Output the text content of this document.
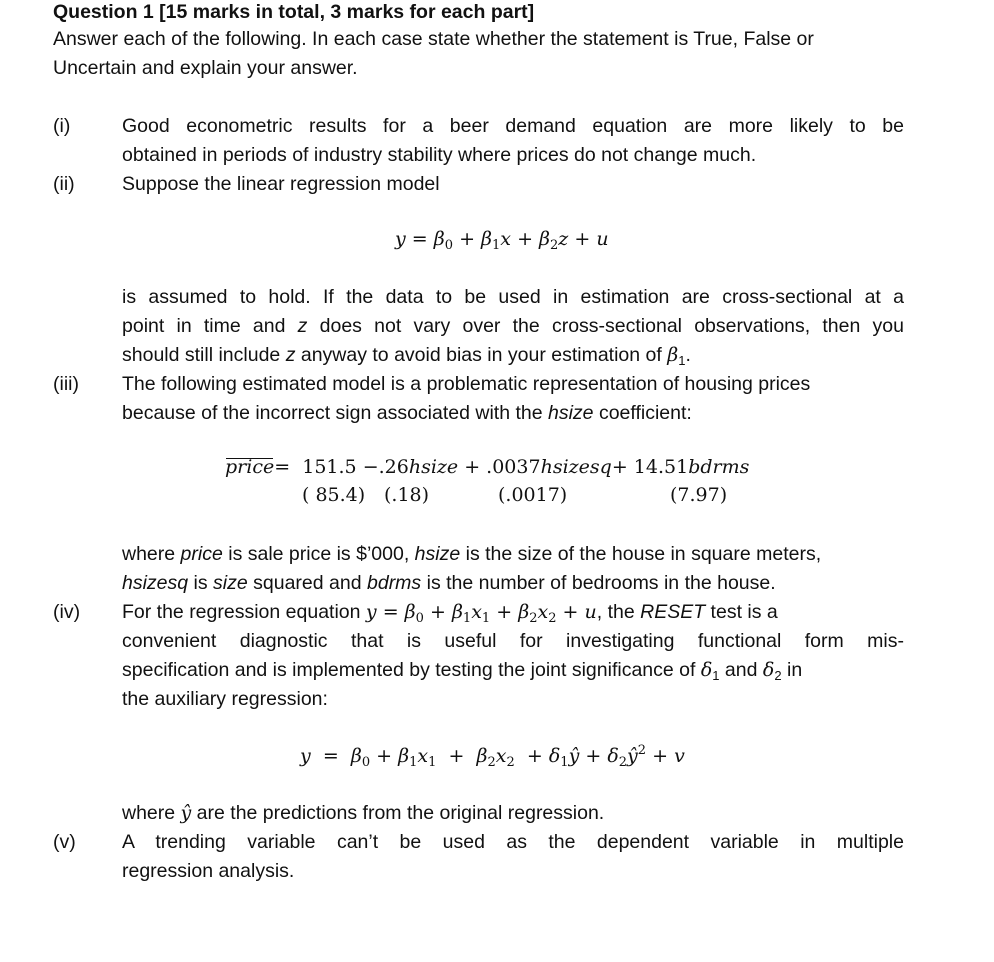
Question 1 [15 marks in total, 3 marks for each part]
Answer each of the following. In each case state whether the statement is True, False or
Uncertain and explain your answer.
(i)	Good econometric results for a beer demand equation are more likely to be
obtained in periods of industry stability where prices do not change much.
(ii) Suppose the linear regression model
$y = \beta_0 + \beta_1x + \beta_2z + u$
is assumed to hold. If the data to be used in estimation are cross-sectional at a
point in time and z does not vary over the cross-sectional observations, then you
should still include z anyway to avoid bias in your estimation of $\beta_1$.
(iii) The following estimated model is a problematic representation of housing prices
because of the incorrect sign associated with the hsize coefficient:
price= 151.5 −.26hsize + .0037hsizesq+ 14.51bdrms
( 85.4) (.18)	(.0017)	(7.97)
where price is sale price is $’000, hsize is the size of the house in square meters,
hsizesq is size squared and bdrms is the number of bedrooms in the house.
(iv) For the regression equation $y = \beta_0 + \beta_1x_1 + \beta_2x_2 + u$, the RESET test is a
convenient diagnostic that is useful for investigating functional form mis-
specification and is implemented by testing the joint significance of $\delta_1$ and $\delta_2$ in
the auxiliary regression:
$y = \beta_0 + \beta_1x_1 + \beta_2x_2$ + $\delta_1ŷ$ + $\delta_2ŷ^2 + v$
where ŷ are the predictions from the original regression.
(v) A trending variable can’t be used as the dependent variable in multiple
regression analysis.
